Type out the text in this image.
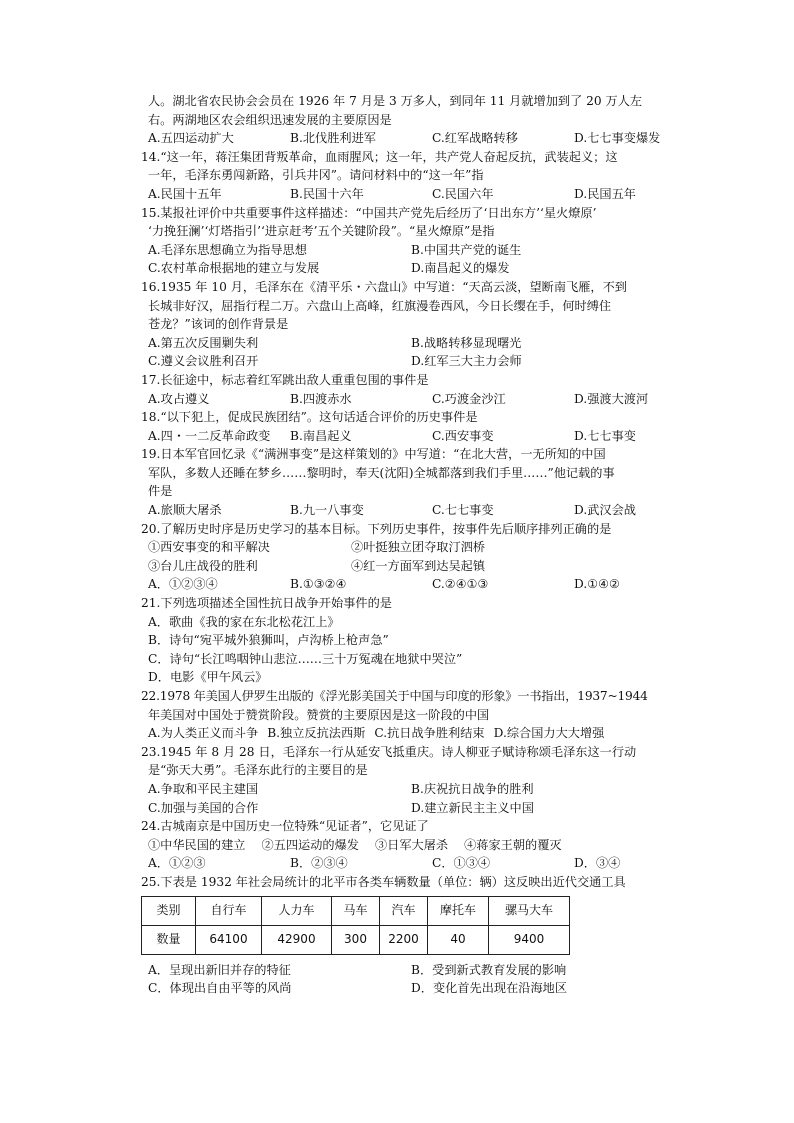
人。湖北省农民协会会员在 1926 年 7 月是 3 万多人，到同年 11 月就增加到了 20 万人左
右。两湖地区农会组织迅速发展的主要原因是
A.五四运动扩大	B.北伐胜利进军	C.红军战略转移	D.七七事变爆发
14.“这一年，蒋汪集团背叛革命，血雨腥风；这一年，共产党人奋起反抗，武装起义；这
一年，毛泽东勇闯新路，引兵井冈”。请问材料中的“这一年”指
A.民国十五年	B.民国十六年	C.民国六年	D.民国五年
15.某报社评价中共重要事件这样描述：“中国共产党先后经历了‘日出东方’‘星火燎原’
‘力挽狂澜’‘灯塔指引’‘进京赶考’五个关键阶段”。“星火燎原”是指
A.毛泽东思想确立为指导思想	B.中国共产党的诞生
C.农村革命根据地的建立与发展	D.南昌起义的爆发
16.1935 年 10 月，毛泽东在《清平乐・六盘山》中写道：“天高云淡，望断南飞雁，不到
长城非好汉，屈指行程二万。六盘山上高峰，红旗漫卷西风，今日长缨在手，何时缚住
苍龙？”该词的创作背景是
A.第五次反围剿失利	B.战略转移显现曙光
C.遵义会议胜利召开	D.红军三大主力会师
17.长征途中，标志着红军跳出敌人重重包围的事件是
A.攻占遵义	B.四渡赤水	C.巧渡金沙江	D.强渡大渡河
18.“以下犯上，促成民族团结”。这句话适合评价的历史事件是
A.四・一二反革命政变	B.南昌起义	C.西安事变	D.七七事变
19.日本军官回忆录《“满洲事变”是这样策划的》中写道：“在北大营，一无所知的中国
军队，多数人还睡在梦乡……黎明时，奉天(沈阳)全城都落到我们手里……”他记载的事
件是
A.旅顺大屠杀	B.九一八事变	C.七七事变	D.武汉会战
20.了解历史时序是历史学习的基本目标。下列历史事件，按事件先后顺序排列正确的是
①西安事变的和平解决	②叶挺独立团夺取汀泗桥
③台儿庄战役的胜利	④红一方面军到达吴起镇
A．①②③④	B.①③②④	C.②④①③	D.①④②
21.下列选项描述全国性抗日战争开始事件的是
A．歌曲《我的家在东北松花江上》
B．诗句“宛平城外狼狮叫，卢沟桥上枪声急”
C．诗句“长江鸣咽钟山悲泣……三十万冤魂在地狱中哭泣”
D．电影《甲午风云》
22.1978 年美国人伊罗生出版的《浮光影美国关于中国与印度的形象》一书指出，1937~1944
年美国对中国处于赞赏阶段。赞赏的主要原因是这一阶段的中国
A.为人类正义而斗争 B.独立反抗法西斯 C.抗日战争胜利结束 D.综合国力大大增强
23.1945 年 8 月 28 日，毛泽东一行从延安飞抵重庆。诗人柳亚子赋诗称颂毛泽东这一行动
是“弥天大勇”。毛泽东此行的主要目的是
A.争取和平民主建国	B.庆祝抗日战争的胜利
C.加强与美国的合作	D.建立新民主主义中国
24.古城南京是中国历史一位特殊“见证者”，它见证了
①中华民国的建立 ②五四运动的爆发 ③日军大屠杀 ④蒋家王朝的覆灭
A．①②③	B．②③④	C．①③④	D．③④
25.下表是 1932 年社会局统计的北平市各类车辆数量（单位：辆）这反映出近代交通工具
类别	自行车	人力车	马车	汽车	摩托车	骡马大车
数量	64100	42900	300	2200	40	9400
A．呈现出新旧并存的特征	B．受到新式教育发展的影响
C．体现出自由平等的风尚	D．变化首先出现在沿海地区
